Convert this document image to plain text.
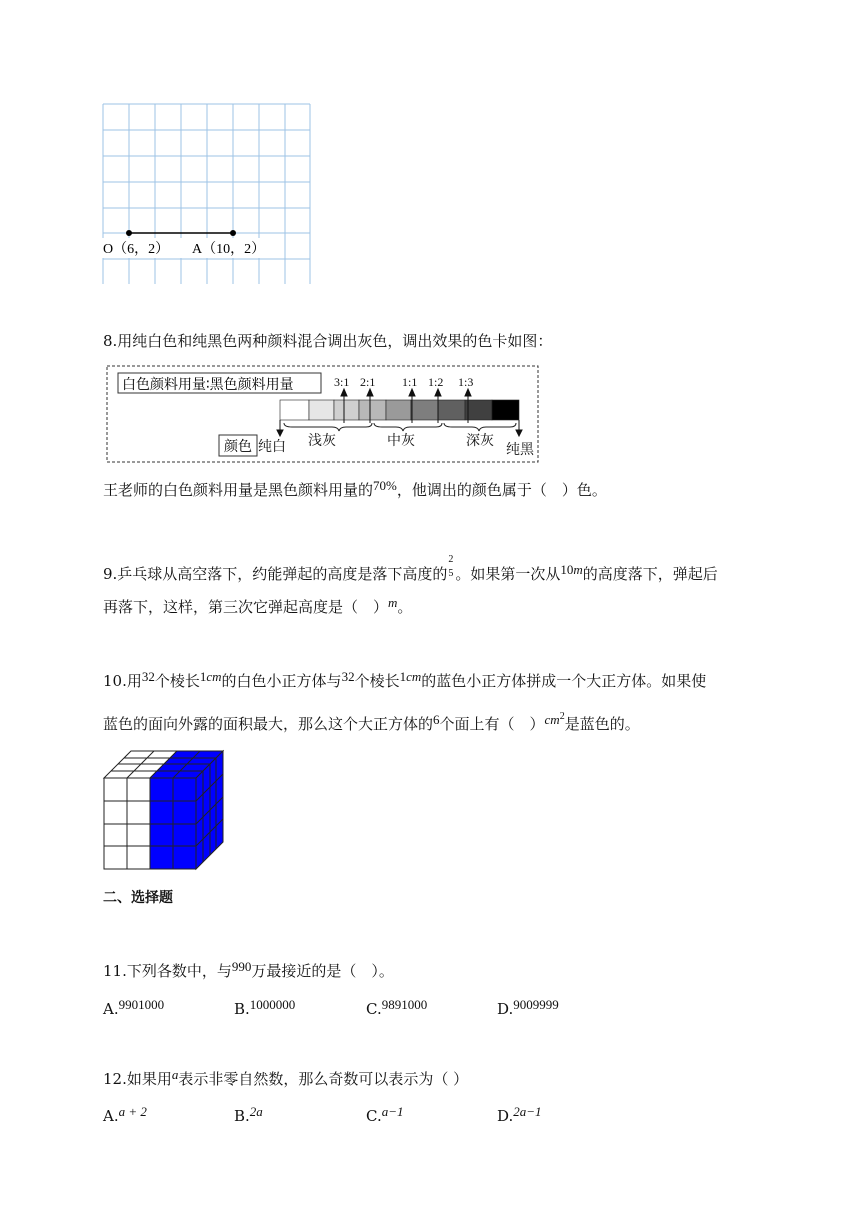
O（6，2） A（10，2）
8.用纯白色和纯黑色两种颜料混合调出灰色，调出效果的色卡如图：
白色颜料用量∶黑色颜料用量	3:1 2:1 1:1 1:2 1:3
颜色 纯白 浅灰	中灰	深灰
纯黑
王老师的白色颜料用量是黑色颜料用量的70%，他调出的颜色属于（　）色。
9.乒乓球从高空落下，约能弹起的高度是落下高度的
2
5 。如果第一次从10m的高度落下，弹起后
再落下，这样，第三次它弹起高度是（　）m。
10.用32个棱长1cm的白色小正方体与32个棱长1cm的蓝色小正方体拼成一个大正方体。如果使
蓝色的面向外露的面积最大，那么这个大正方体的6个面上有（　）$cm^2$是蓝色的。
二、选择题
11.下列各数中，与990万最接近的是（　）。
A.9901000	B.1000000	C.9891000	D.9009999
12.如果用a表示非零自然数，那么奇数可以表示为（ ）
A.a + 2	B.2a	C.a−1	D.2a−1
